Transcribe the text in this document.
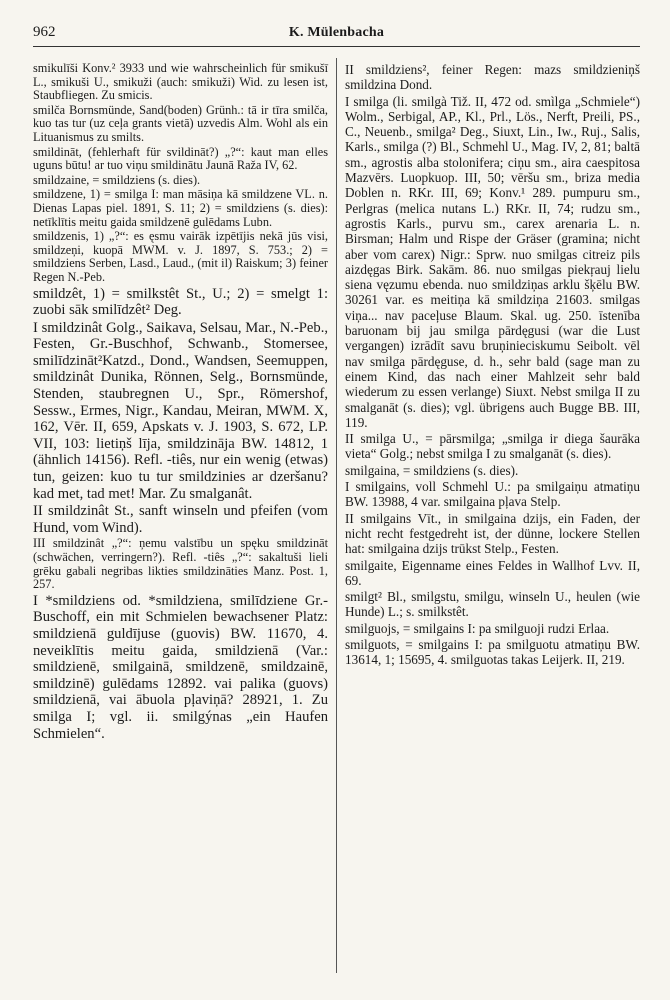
962	K. Mülenbacha

smikulīši Konv.² 3933 und wie wahrscheinlich für smikušī L., smikuši U., smikuži (auch: smikuži) Wid. zu lesen ist, Staubfliegen. Zu smicis.

smilča Bornsmünde, Sand(boden) Grünh.: tā ir tīra smilča, kuo tas tur (uz ceļa grants vietā) uzvedis Alm. Wohl als ein Lituanismus zu smilts.

smildināt, (fehlerhaft für svildināt?) „?“: kaut man elles uguns būtu! ar tuo viņu smildinātu Jaunā Raža IV, 62.

smildzaine, = smildziens (s. dies).

smildzene, 1) = smilga I: man māsiņa kā smildzene VL. n. Dienas Lapas piel. 1891, S. 11; 2) = smildziens (s. dies): netīklītis meitu gaida smildzenē gulēdams Lubn.

smildzenis, 1) „?“: es ęsmu vairāk izpētījis nekā jūs visi, smildzeņi, kuopā MWM. v. J. 1897, S. 753.; 2) = smildziens Serben, Lasd., Laud., (mit il) Raiskum; 3) feiner Regen N.-Peb.

smildzêt, 1) = smilkstêt St., U.; 2) = smelgt 1: zuobi sāk smilīdzêt² Deg.

I smildzinât Golg., Saikava, Selsau, Mar., N.-Peb., Festen, Gr.-Buschhof, Schwanb., Stomersee, smilīdzināt²Katzd., Dond., Wandsen, Seemuppen, smildzinât Dunika, Rönnen, Selg., Bornsmünde, Stenden, staubregnen U., Spr., Römershof, Sessw., Ermes, Nigr., Kandau, Meiran, MWM. X, 162, Vēr. II, 659, Apskats v. J. 1903, S. 672, LP. VII, 103: lietiņš līja, smildzināja BW. 14812, 1 (ähnlich 14156). Refl. -tiês, nur ein wenig (etwas) tun, geizen: kuo tu tur smildzinies ar dzeršanu? kad met, tad met! Mar. Zu smalganât.

II smildzinât St., sanft winseln und pfeifen (vom Hund, vom Wind).

III smildzinât „?“: ņemu valstību un spęku smildzināt (schwächen, verringern?). Refl. -tiês „?“: sakaltuši lieli grēku gabali negribas likties smildzināties Manz. Post. 1, 257.

I *smildziens od. *smildziena, smilīdziene Gr.-Buschoff, ein mit Schmielen bewachsener Platz: smildzienā guldījuse (guovis) BW. 11670, 4. neveiklītis meitu gaida, smildzienā (Var.: smildzienē, smilgainā, smildzenē, smildzainē, smildzinē) gulēdams 12892. vai palika (guovs) smildzienā, vai ābuola pļaviņā? 28921, 1. Zu smilga I; vgl. ii. smilgýnas „ein Haufen Schmielen“.

II smildziens², feiner Regen: mazs smildzieniņš smildzina Dond.

I smilga (li. smilgà Tiž. II, 472 od. smìlga „Schmiele“) Wolm., Serbigal, AP., Kl., Prl., Lös., Nerft, Preili, PS., C., Neuenb., smilga² Deg., Siuxt, Lin., Iw., Ruj., Salis, Karls., smilga (?) Bl., Schmehl U., Mag. IV, 2, 81; baltā sm., agrostis alba stolonifera; ciņu sm., aira caespitosa Mazvērs. Luopkuop. III, 50; vēršu sm., briza media Doblen n. RKr. III, 69; Konv.¹ 289. pumpuru sm., Perlgras (melica nutans L.) RKr. II, 74; rudzu sm., agrostis Karls., purvu sm., carex arenaria L. n. Birsman; Halm und Rispe der Gräser (gramina; nicht aber vom carex) Nigr.: Sprw. nuo smilgas citreiz pils aizdęgas Birk. Sakām. 86. nuo smilgas piekŗauj lielu siena vęzumu ebenda. nuo smildziņas arklu šķēlu BW. 30261 var. es meitiņa kā smildziņa 21603. smilgas viņa... nav paceļuse Blaum. Skal. ug. 250. īstenība baruonam bij jau smilga pārdęgusi (war die Lust vergangen) izrādīt savu bruņinieciskumu Seibolt. vēl nav smilga pārdęguse, d. h., sehr bald (sage man zu einem Kind, das nach einer Mahlzeit sehr bald wiederum zu essen verlange) Siuxt. Nebst smilga II zu smalganāt (s. dies); vgl. übrigens auch Bugge BB. III, 119.

II smilga U., = pārsmilga; „smilga ir diega šaurāka vieta“ Golg.; nebst smilga I zu smalganāt (s. dies).

smilgaina, = smildziens (s. dies).

I smilgains, voll Schmehl U.: pa smilgaiņu atmatiņu BW. 13988, 4 var. smilgaina pļava Stelp.

II smilgains Vīt., in smilgaina dzijs, ein Faden, der nicht recht festgedreht ist, der dünne, lockere Stellen hat: smilgaina dzijs trūkst Stelp., Festen.

smilgaite, Eigenname eines Feldes in Wallhof Lvv. II, 69.

smilgt² Bl., smilgstu, smilgu, winseln U., heulen (wie Hunde) L.; s. smilkstêt.

smilguojs, = smilgains I: pa smilguoji rudzi Erlaa.

smilguots, = smilgains I: pa smilguotu atmatiņu BW. 13614, 1; 15695, 4. smilguotas takas Leijerk. II, 219.
